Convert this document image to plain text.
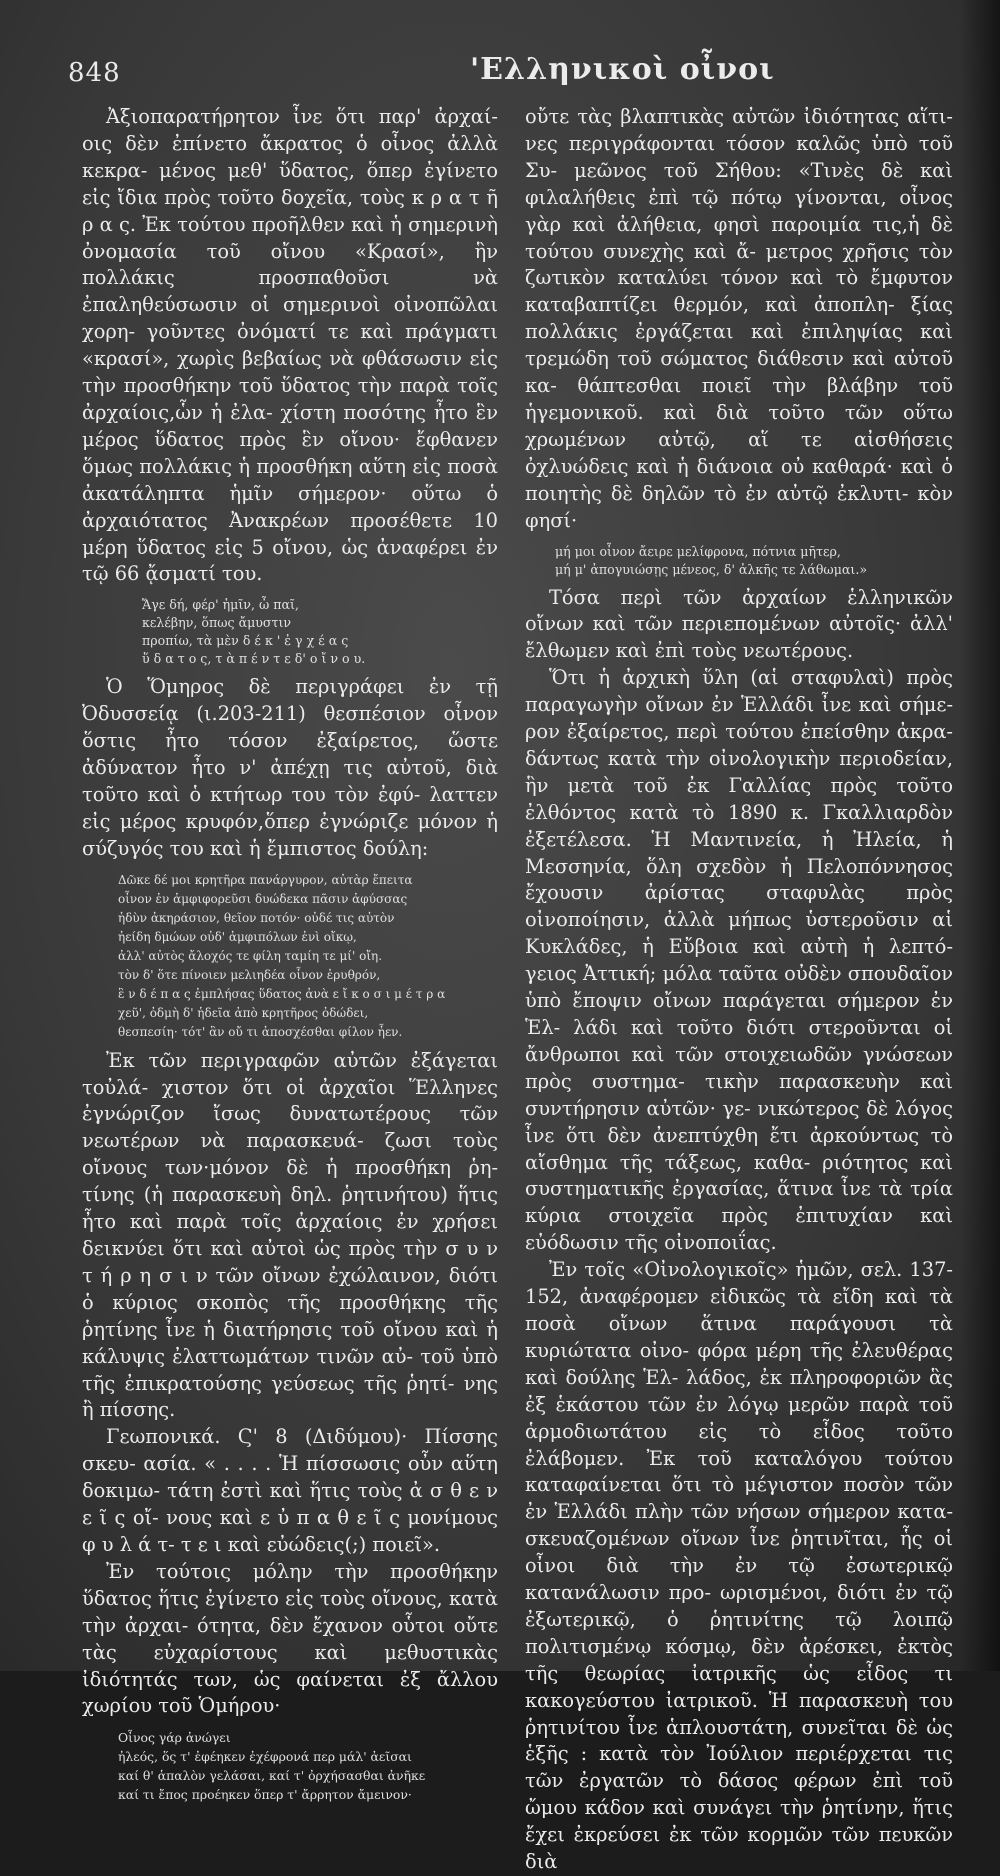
848	'Ελληνικοὶ οἶνοι

Ἀξιοπαρατήρητον ἶνε ὅτι παρ' ἀρχαί- οις δὲν ἐπίνετο ἄκρατος ὁ οἶνος ἀλλὰ κεκρα- μένος μεθ' ὕδατος, ὅπερ ἐγίνετο εἰς ἴδια πρὸς τοῦτο δοχεῖα, τοὺς κ ρ α τ ῆ ρ α ς. Ἐκ τούτου προῆλθεν καὶ ἡ σημερινὴ ὀνομασία τοῦ οἴνου «Κρασί», ἣν πολλάκις προσπαθοῦσι νὰ ἐπαληθεύσωσιν οἱ σημερινοὶ οἰνοπῶλαι χορη- γοῦντες ὀνόματί τε καὶ πράγματι «κρασί», χωρὶς βεβαίως νὰ φθάσωσιν εἰς τὴν προσθήκην τοῦ ὕδατος τὴν παρὰ τοῖς ἀρχαίοις,ὧν ἡ ἐλα- χίστη ποσότης ἦτο ἓν μέρος ὕδατος πρὸς ἓν οἴνου· ἔφθανεν ὅμως πολλάκις ἡ προσθήκη αὕτη εἰς ποσὰ ἀκατάληπτα ἡμῖν σήμερον· οὕτω ὁ ἀρχαιότατος Ἀνακρέων προσέθετε 10 μέρη ὕδατος εἰς 5 οἴνου, ὡς ἀναφέρει ἐν τῷ 66 ᾄσματί του.

Ἄγε δή, φέρ' ἡμῖν, ὦ παῖ,
κελέβην, ὅπως ἄμυστιν
προπίω, τὰ μὲν δ έ κ ' ἐ γ χ έ α ς
ὕ δ α τ ο ς, τ ὰ π έ ν τ ε δ' ο ἴ ν ο υ.

Ὁ Ὅμηρος δὲ περιγράφει ἐν τῇ Ὀδυσσείᾳ (ι.203-211) θεσπέσιον οἶνον ὅστις ἦτο τόσον ἐξαίρετος, ὥστε ἀδύνατον ἦτο ν' ἀπέχῃ τις αὐτοῦ, διὰ τοῦτο καὶ ὁ κτήτωρ του τὸν ἐφύ- λαττεν εἰς μέρος κρυφόν,ὅπερ ἐγνώριζε μόνον ἡ σύζυγός του καὶ ἡ ἔμπιστος δούλη:

Δῶκε δέ μοι κρητῆρα πανάργυρον, αὐτὰρ ἔπειτα
οἶνον ἐν ἀμφιφορεῦσι δυώδεκα πᾶσιν ἀφύσσας
ἡδὺν ἀκηράσιον, θεῖον ποτόν· οὐδέ τις αὐτὸν
ἠείδη δμώων οὐδ' ἀμφιπόλων ἐνὶ οἴκῳ,
ἀλλ' αὐτὸς ἄλοχός τε φίλη ταμίη τε μί' οἴη.
τὸν δ' ὅτε πίνοιεν μελιηδέα οἶνον ἐρυθρόν,
ἓ ν δ έ π α ς ἐμπλήσας ὕδατος ἀνὰ ε ἴ κ ο σ ι μ έ τ ρ α
χεῦ', ὀδμὴ δ' ἡδεῖα ἀπὸ κρητῆρος ὀδώδει,
θεσπεσίη· τότ' ἂν οὔ τι ἀποσχέσθαι φίλον ἦεν.

Ἐκ τῶν περιγραφῶν αὐτῶν ἐξάγεται τοὐλά- χιστον ὅτι οἱ ἀρχαῖοι Ἕλληνες ἐγνώριζον ἴσως δυνατωτέρους τῶν νεωτέρων νὰ παρασκευά- ζωσι τοὺς οἴνους των·μόνον δὲ ἡ προσθήκη ῥη- τίνης (ἡ παρασκευὴ δηλ. ῥητινήτου) ἥτις ἦτο καὶ παρὰ τοῖς ἀρχαίοις ἐν χρήσει δεικνύει ὅτι καὶ αὐτοὶ ὡς πρὸς τὴν σ υ ν τ ή ρ η σ ι ν τῶν οἴνων ἐχώλαινον, διότι ὁ κύριος σκοπὸς τῆς προσθήκης τῆς ῥητίνης ἶνε ἡ διατήρησις τοῦ οἴνου καὶ ἡ κάλυψις ἐλαττωμάτων τινῶν αὐ- τοῦ ὑπὸ τῆς ἐπικρατούσης γεύσεως τῆς ῥητί- νης ἢ πίσσης.

Γεωπονικά. Ϛ' 8 (Διδύμου)· Πίσσης σκευ- ασία. « . . . . Ἡ πίσσωσις οὖν αὕτη δοκιμω- τάτη ἐστὶ καὶ ἥτις τοὺς ἀ σ θ ε ν ε ῖ ς οἴ- νους καὶ ε ὐ π α θ ε ῖ ς μονίμους φ υ λ ά τ- τ ε ι καὶ εὐώδεις(;) ποιεῖ».

Ἐν τούτοις μόλην τὴν προσθήκην ὕδατος ἥτις ἐγίνετο εἰς τοὺς οἴνους, κατὰ τὴν ἀρχαι- ότητα, δὲν ἔχανον οὗτοι οὔτε τὰς εὐχαρίστους καὶ μεθυστικὰς ἰδιότητάς των, ὡς φαίνεται ἐξ ἄλλου χωρίου τοῦ Ὁμήρου·

Οἶνος γάρ ἀνώγει
ἠλεός, ὅς τ' ἐφέηκεν ἐχέφρονά περ μάλ' ἀεῖσαι
καί θ' ἁπαλὸν γελάσαι, καί τ' ὀρχήσασθαι ἀνῆκε
καί τι ἔπος προέηκεν ὅπερ τ' ἄρρητον ἄμεινον·

οὔτε τὰς βλαπτικὰς αὐτῶν ἰδιότητας αἵτι- νες περιγράφονται τόσον καλῶς ὑπὸ τοῦ Συ- μεῶνος τοῦ Σήθου: «Τινὲς δὲ καὶ φιλαλήθεις ἐπὶ τῷ πότῳ γίνονται, οἶνος γὰρ καὶ ἀλήθεια, φησὶ παροιμία τις,ἡ δὲ τούτου συνεχὴς καὶ ἄ- μετρος χρῆσις τὸν ζωτικὸν καταλύει τόνον καὶ τὸ ἔμφυτον καταβαπτίζει θερμόν, καὶ ἀποπλη- ξίας πολλάκις ἐργάζεται καὶ ἐπιληψίας καὶ τρεμώδη τοῦ σώματος διάθεσιν καὶ αὐτοῦ κα- θάπτεσθαι ποιεῖ τὴν βλάβην τοῦ ἡγεμονικοῦ. καὶ διὰ τοῦτο τῶν οὕτω χρωμένων αὐτῷ, αἵ τε αἰσθήσεις ὀχλυώδεις καὶ ἡ διάνοια οὐ καθαρά· καὶ ὁ ποιητὴς δὲ δηλῶν τὸ ἐν αὐτῷ ἐκλυτι- κὸν φησί·

μή μοι οἶνον ἄειρε μελίφρονα, πότνια μῆτερ,
μή μ' ἀπογυιώσῃς μένεος, δ' ἀλκῆς τε λάθωμαι.»

Τόσα περὶ τῶν ἀρχαίων ἑλληνικῶν οἴνων καὶ τῶν περιεπομένων αὐτοῖς· ἀλλ' ἔλθωμεν καὶ ἐπὶ τοὺς νεωτέρους.

Ὅτι ἡ ἀρχικὴ ὕλη (αἱ σταφυλαὶ) πρὸς παραγωγὴν οἴνων ἐν Ἑλλάδι ἶνε καὶ σήμε- ρον ἐξαίρετος, περὶ τούτου ἐπείσθην ἀκρα- δάντως κατὰ τὴν οἰνολογικὴν περιοδείαν, ἣν μετὰ τοῦ ἐκ Γαλλίας πρὸς τοῦτο ἐλθόντος κατὰ τὸ 1890 κ. Γκαλλιαρδὸν ἐξετέλεσα. Ἡ Μαντινεία, ἡ Ἠλεία, ἡ Μεσσηνία, ὅλη σχεδὸν ἡ Πελοπόννησος ἔχουσιν ἀρίστας σταφυλὰς πρὸς οἰνοποίησιν, ἀλλὰ μήπως ὑστεροῦσιν αἱ Κυκλάδες, ἡ Εὔβοια καὶ αὐτὴ ἡ λεπτό- γειος Ἀττική; μόλα ταῦτα οὐδὲν σπουδαῖον ὑπὸ ἔποψιν οἴνων παράγεται σήμερον ἐν Ἑλ- λάδι καὶ τοῦτο διότι στεροῦνται οἱ ἄνθρωποι καὶ τῶν στοιχειωδῶν γνώσεων πρὸς συστημα- τικὴν παρασκευὴν καὶ συντήρησιν αὐτῶν· γε- νικώτερος δὲ λόγος ἶνε ὅτι δὲν ἀνεπτύχθη ἔτι ἀρκούντως τὸ αἴσθημα τῆς τάξεως, καθα- ριότητος καὶ συστηματικῆς ἐργασίας, ἅτινα ἶνε τὰ τρία κύρια στοιχεῖα πρὸς ἐπιτυχίαν καὶ εὐόδωσιν τῆς οἰνοποιΐας.

Ἐν τοῖς «Οἰνολογικοῖς» ἡμῶν, σελ. 137- 152, ἀναφέρομεν εἰδικῶς τὰ εἴδη καὶ τὰ ποσὰ οἴνων ἅτινα παράγουσι τὰ κυριώτατα οἰνο- φόρα μέρη τῆς ἐλευθέρας καὶ δούλης Ἑλ- λάδος, ἐκ πληροφοριῶν ἃς ἐξ ἑκάστου τῶν ἐν λόγῳ μερῶν παρὰ τοῦ ἁρμοδιωτάτου εἰς τὸ εἶδος τοῦτο ἐλάβομεν. Ἐκ τοῦ καταλόγου τούτου καταφαίνεται ὅτι τὸ μέγιστον ποσὸν τῶν ἐν Ἑλλάδι πλὴν τῶν νήσων σήμερον κατα- σκευαζομένων οἴνων ἶνε ῥητινῖται, ἧς οἱ οἶνοι διὰ τὴν ἐν τῷ ἐσωτερικῷ κατανάλωσιν προ- ωρισμένοι, διότι ἐν τῷ ἐξωτερικῷ, ὁ ῥητινίτης τῷ λοιπῷ πολιτισμένῳ κόσμῳ, δὲν ἀρέσκει, ἐκτὸς τῆς θεωρίας ἰατρικῆς ὡς εἶδος τι κακογεύστου ἰατρικοῦ. Ἡ παρασκευὴ του ῥητινίτου ἶνε ἁπλουστάτη, συνεῖται δὲ ὡς ἑξῆς : κατὰ τὸν Ἰούλιον περιέρχεται τις τῶν ἐργατῶν τὸ δάσος φέρων ἐπὶ τοῦ ὤμου κάδον καὶ συνάγει τὴν ῥητίνην, ἥτις ἔχει ἐκρεύσει ἐκ τῶν κορμῶν τῶν πευκῶν διὰ
